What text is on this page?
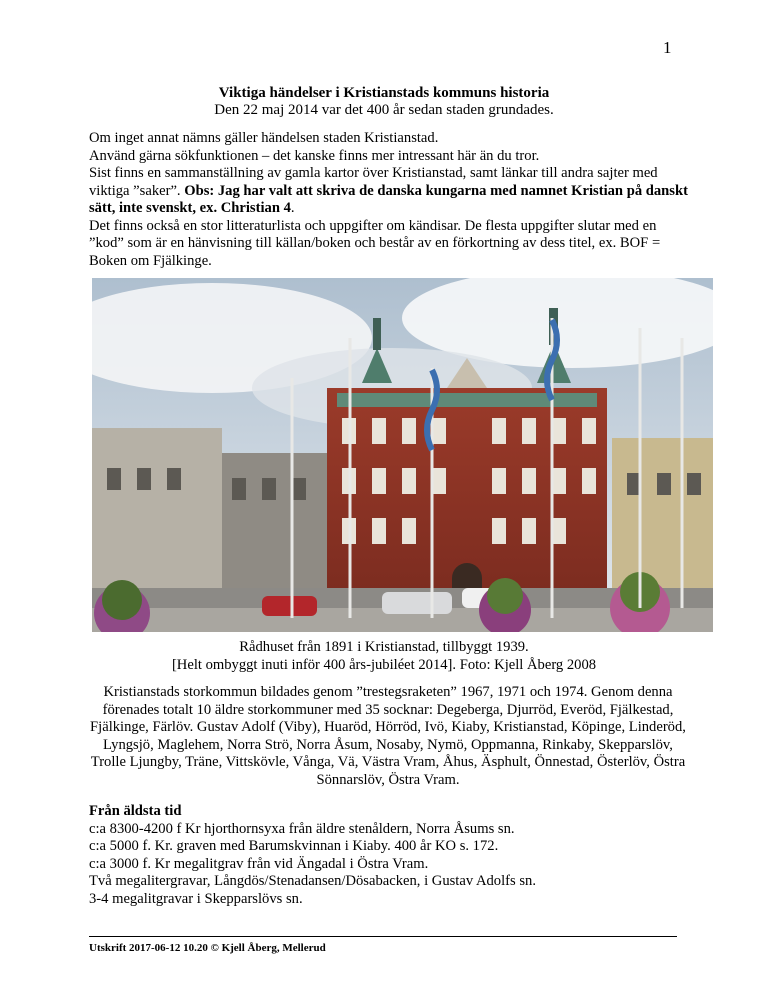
1
Viktiga händelser i Kristianstads kommuns historia
Den 22 maj 2014 var det 400 år sedan staden grundades.

Om inget annat nämns gäller händelsen staden Kristianstad.

Använd gärna sökfunktionen – det kanske finns mer intressant här än du tror.

Sist finns en sammanställning av gamla kartor över Kristianstad, samt länkar till andra sajter med viktiga ”saker”. Obs: Jag har valt att skriva de danska kungarna med namnet Kristian på danskt sätt, inte svenskt, ex. Christian 4.

Det finns också en stor litteraturlista och uppgifter om kändisar. De flesta uppgifter slutar med en ”kod” som är en hänvisning till källan/boken och består av en förkortning av dess titel, ex. BOF = Boken om Fjälkinge.

Rådhuset från 1891 i Kristianstad, tillbyggt 1939.
[Helt ombyggt inuti inför 400 års-jubiléet 2014]. Foto: Kjell Åberg 2008
Kristianstads storkommun bildades genom ”trestegsraketen” 1967, 1971 och 1974. Genom denna förenades totalt 10 äldre storkommuner med 35 socknar: Degeberga, Djurröd, Everöd, Fjälkestad, Fjälkinge, Färlöv. Gustav Adolf (Viby), Huaröd, Hörröd, Ivö, Kiaby, Kristianstad, Köpinge, Linderöd, Lyngsjö, Maglehem, Norra Strö, Norra Åsum, Nosaby, Nymö, Oppmanna, Rinkaby, Skepparslöv, Trolle Ljungby, Träne, Vittskövle, Vånga, Vä, Västra Vram, Åhus, Äsphult, Önnestad, Österlöv, Östra Sönnarslöv, Östra Vram.
Från äldsta tid
c:a 8300-4200 f Kr hjorthornsyxa från äldre stenåldern, Norra Åsums sn.
c:a 5000 f. Kr. graven med Barumskvinnan i Kiaby. 400 år KO s. 172.
c:a 3000 f. Kr megalitgrav från vid Ängadal i Östra Vram.
Två megalitergravar, Långdös/Stenadansen/Dösabacken, i Gustav Adolfs sn.
3-4 megalitgravar i Skepparslövs sn.
Utskrift 2017-06-12 10.20 © Kjell Åberg, Mellerud
